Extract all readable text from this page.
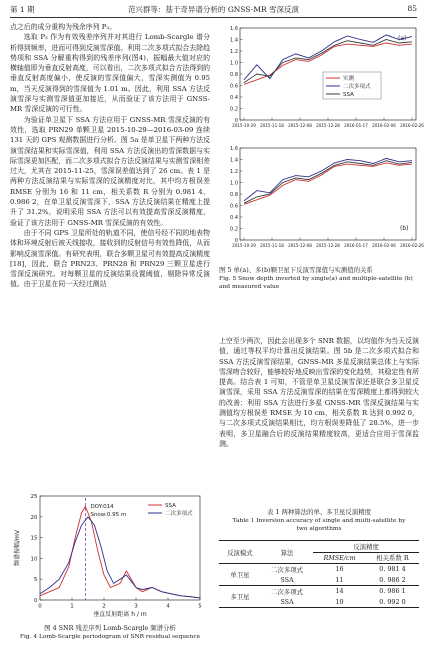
第 1 期	范兴群等：基于奇异谱分析的 GNSS-MR 雪深反演	85

点之后的成分重构为残余序列 P₃。

选取 P₃ 作为有效残差序列并对其进行 Lomb-Scargle 谱分析得到频率，进而可得到反演雪深值。利用二次多项式拟合去除趋势项和 SSA 分解重构得到的残差序列(图4)，振幅最大值对应的横轴值即为垂直反射高度，可以看出，二次多项式拟合方法得到的垂直反射高度偏小，使反演的雪深值偏大，雪深实测值为 0.95 m，当天反演得到的雪深值为 1.01 m。因此，利用 SSA 方法反演雪深与实测雪深值更加接近，从而验证了该方法用于 GNSS-MR 雪深反演的可行性。

为验证单卫星下 SSA 方法应用于 GNSS-MR 雪深反演的有效性，选取 PRN29 单颗卫星 2015-10-29—2016-03-09 连续 131 天的 GPS 观测数据进行分析。图 5a 是单卫星下两种方法反演雪深结果和实际雪深值，利用 SSA 方法反演出的雪深数据与实际雪深更加匹配，而二次多项式拟合方法反演结果与实测雪深相差过大，尤其在 2015-11-25，雪深误差值达到了 26 cm。表 1 是两种方法反演结果与实际雪深的反演精度对比，其中均方根误差 RMSE 分别为 16 和 11 cm，相关系数 R 分别为 0.981 4、0.986 2，在单卫星反演雪深下，SSA 方法反演结果在精度上提升了 31.2%，说明采用 SSA 方法可以有效提高雪深反演精度，验证了该方法用于 GNSS-MR 雪深反演的有效性。

由于不同 GPS 卫星所处的轨道不同，使信号经不同的地表物体和环境反射后被天线接收，接收到的反射信号有效性降低，从而影响反演雪深值。有研究表明，联合多颗卫星可有效提高反演精度[18]，因此，联合 PRN23、PRN28 和 PRN29 三颗卫星进行雪深反演研究。对每颗卫星的反演结果设置阈值，剔除异常反演值。由于卫星在同一天经过测站

0
5
10
15
20
25
0	1	2	3	4	5
垂直反射距离 h / m
频谱振幅/mV
DOY:014
Snow:0.95 m
SSA
二次多项式
图 4 SNR 残差序列 Lomb-Scargle 频谱分析
Fig. 4 Lomb-Scargle periodogram of SNR residual sequence
0
0.2
0.4
0.6
0.8
1.0
1.2
1.4
1.6
2015-10-29 2015-11-18 2015-12-08 2015-12-28 2016-01-17 2016-02-06 2016-02-26
(a)
实测
二次多项式
SSA
0
0.2
0.4
0.6
0.8
1.0
1.2
1.4
1.6
2015-10-29 2015-11-18 2015-12-08 2015-12-28 2016-01-17 2016-02-06 2016-02-26
(b)
图 5 单(a)、多(b)颗卫星下反演雪深值与实测值的关系
Fig. 5 Snow depth inverted by single(a) and multiple-satellite (b) and measured value

上空至少两次，因此会出现多个 SNR 数据，以均值作为当天反演值，通过等权平均计算出反演结果。图 5b 是二次多项式拟合和 SSA 方法反演雪深结果，GNSS-MR 多星反演结果总体上与实际雪深吻合较好，能够较好地反映出雪深的变化趋势，其稳定性有所提高。结合表 1 可知，不管是单卫星反演雪深还是联合多卫星反演雪深，采用 SSA 方法反演雪深的结果在雪深精度上都得到较大的改善；利用 SSA 方法进行多星 GNSS-MR 雪深反演结果与实测值均方根误差 RMSE 为 10 cm，相关系数 R 达到 0.992 0，与二次多项式反演结果相比，均方根误差降低了 28.5%，进一步表明，多卫星融合后的反演结果精度较高，更适合应用于雪深监测。

表 1 两种算法的单、多卫星反演精度
Table 1 Inversion accuracy of single and multi-satellite by
two algorithms
反演模式	算法	反演精度	
		RMSE/cm	相关系数 R
单卫星	二次多项式	16	0. 981 4
	SSA	11	0. 986 2
多卫星	二次多项式	14	0. 986 1
	SSA	10	0. 992 0
